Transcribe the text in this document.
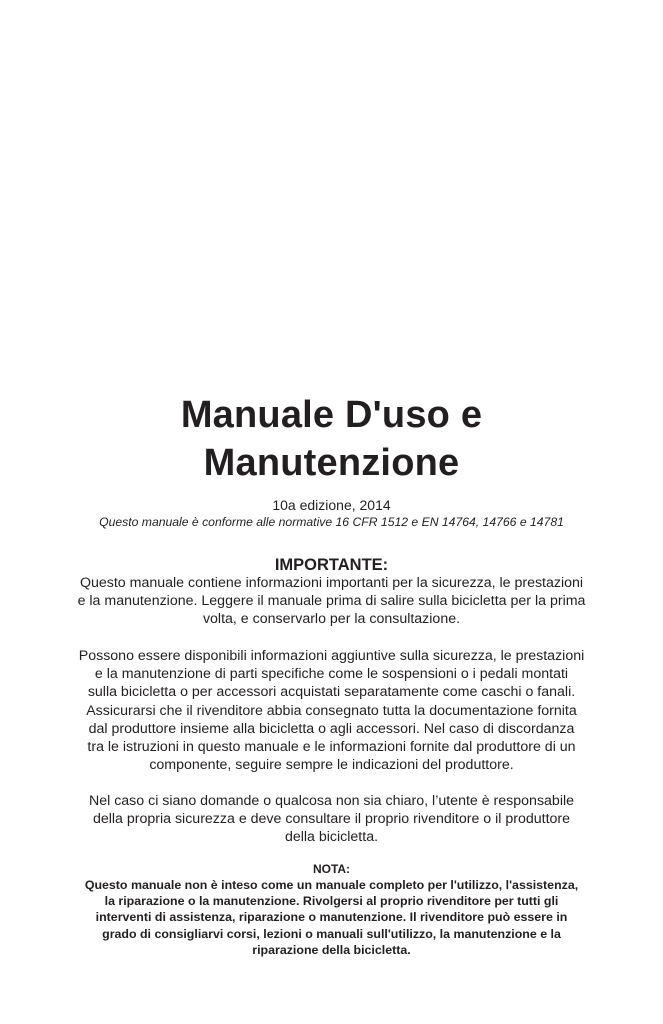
Manuale D'uso e
Manutenzione
10a edizione, 2014
Questo manuale è conforme alle normative 16 CFR 1512 e EN 14764, 14766 e 14781
IMPORTANTE:

Questo manuale contiene informazioni importanti per la sicurezza, le prestazioni
e la manutenzione. Leggere il manuale prima di salire sulla bicicletta per la prima
volta, e conservarlo per la consultazione.

Possono essere disponibili informazioni aggiuntive sulla sicurezza, le prestazioni
e la manutenzione di parti specifiche come le sospensioni o i pedali montati
sulla bicicletta o per accessori acquistati separatamente come caschi o fanali.
Assicurarsi che il rivenditore abbia consegnato tutta la documentazione fornita
dal produttore insieme alla bicicletta o agli accessori. Nel caso di discordanza
tra le istruzioni in questo manuale e le informazioni fornite dal produttore di un
componente, seguire sempre le indicazioni del produttore.

Nel caso ci siano domande o qualcosa non sia chiaro, l’utente è responsabile
della propria sicurezza e deve consultare il proprio rivenditore o il produttore
della bicicletta.

NOTA:

Questo manuale non è inteso come un manuale completo per l'utilizzo, l'assistenza,
la riparazione o la manutenzione. Rivolgersi al proprio rivenditore per tutti gli
interventi di assistenza, riparazione o manutenzione. Il rivenditore può essere in
grado di consigliarvi corsi, lezioni o manuali sull'utilizzo, la manutenzione e la
riparazione della bicicletta.
